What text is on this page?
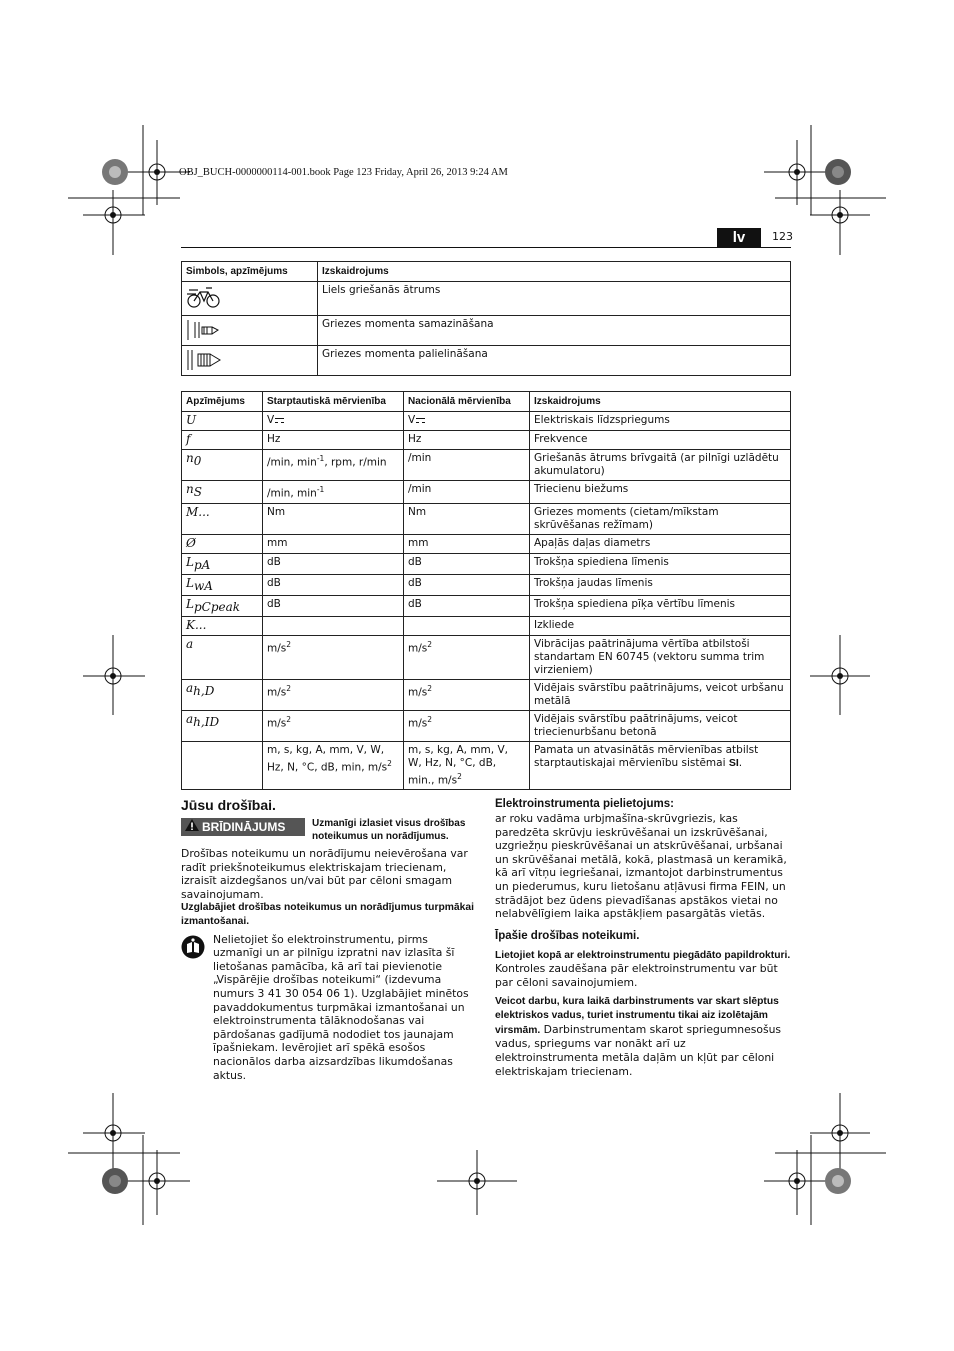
OBJ_BUCH-0000000114-001.book Page 123 Friday, April 26, 2013 9:24 AM
lv	123
Simbols, apzīmējums	Izskaidrojums

	Liels griešanās ātrums

	Griezes momenta samazināšana

	Griezes momenta palielināšana
Apzīmējums	Starptautiskā mērvienība	Nacionālā mērvienība	Izskaidrojums
U	V	V	Elektriskais līdzspriegums
f	Hz	Hz	Frekvence
$n_0$	/min, $\min^{-1}$, rpm, r/min	/min	Griešanās ātrums brīvgaitā (ar pilnīgi uzlādētu akumulatoru)
$n_S$	/min, $\min^{-1}$	/min	Triecienu biežums
M...	Nm	Nm	Griezes moments (cietam/mīkstam skrūvēšanas režīmam)
Ø	mm	mm	Apaļās daļas diametrs
$L_{pA}$	dB	dB	Trokšņa spiediena līmenis
$L_{wA}$	dB	dB	Trokšņa jaudas līmenis
$L_{pCpeak}$	dB	dB	Trokšņa spiediena pīķa vērtību līmenis
K...			Izkliede
a	$m/s^2$	$m/s^2$	Vibrācijas paātrinājuma vērtība atbilstoši standartam EN 60745 (vektoru summa trim virzieniem)
$a_{h,D}$	$m/s^2$	$m/s^2$	Vidējais svārstību paātrinājums, veicot urbšanu metālā
$a_{h,ID}$	$m/s^2$	$m/s^2$	Vidējais svārstību paātrinājums, veicot triecienurbšanu betonā
	m, s, kg, A, mm, V, W, Hz, N, °C, dB, min, $m/s^2$	m, s, kg, A, mm, V, W, Hz, N, °C, dB, min., $m/s^2$	Pamata un atvasinātās mērvienības atbilst starptautiskajai mērvienību sistēmai SI.
Jūsu drošībai.
BRĪDINĀJUMS	Uzmanīgi izlasiet visus drošības noteikumus un norādījumus.

Drošības noteikumu un norādījumu neievērošana var radīt priekšnoteikumus elektriskajam triecienam, izraisīt aizdegšanos un/vai būt par cēloni smagam savainojumam.

Uzglabājiet drošības noteikumus un norādījumus turpmākai izmantošanai.

Nelietojiet šo elektroinstrumentu, pirms uzmanīgi un ar pilnīgu izpratni nav izlasīta šī lietošanas pamācība, kā arī tai pievienotie „Vispārējie drošības noteikumi“ (izdevuma numurs 3 41 30 054 06 1). Uzglabājiet minētos pavaddokumentus turpmākai izmantošanai un elektroinstrumenta tālāknodošanas vai pārdošanas gadījumā nododiet tos jaunajam īpašniekam. Ievērojiet arī spēkā esošos nacionālos darba aizsardzības likumdošanas aktus.

Elektroinstrumenta pielietojums:

ar roku vadāma urbjmašīna-skrūvgriezis, kas paredzēta skrūvju ieskrūvēšanai un izskrūvēšanai, uzgriežņu pieskrūvēšanai un atskrūvēšanai, urbšanai un skrūvēšanai metālā, kokā, plastmasā un keramikā, kā arī vītņu iegriešanai, izmantojot darbinstrumentus un piederumus, kuru lietošanu atļāvusi firma FEIN, un strādājot bez ūdens pievadīšanas apstākos vietai no nelabvēlīgiem laika apstākļiem pasargātās vietās.

Īpašie drošības noteikumi.

Lietojiet kopā ar elektroinstrumentu piegādāto papildrokturi. Kontroles zaudēšana pār elektroinstrumentu var būt par cēloni savainojumiem.

Veicot darbu, kura laikā darbinstruments var skart slēptus elektriskos vadus, turiet instrumentu tikai aiz izolētajām virsmām. Darbinstrumentam skarot spriegumnesošus vadus, spriegums var nonākt arī uz elektroinstrumenta metāla daļām un kļūt par cēloni elektriskajam triecienam.
